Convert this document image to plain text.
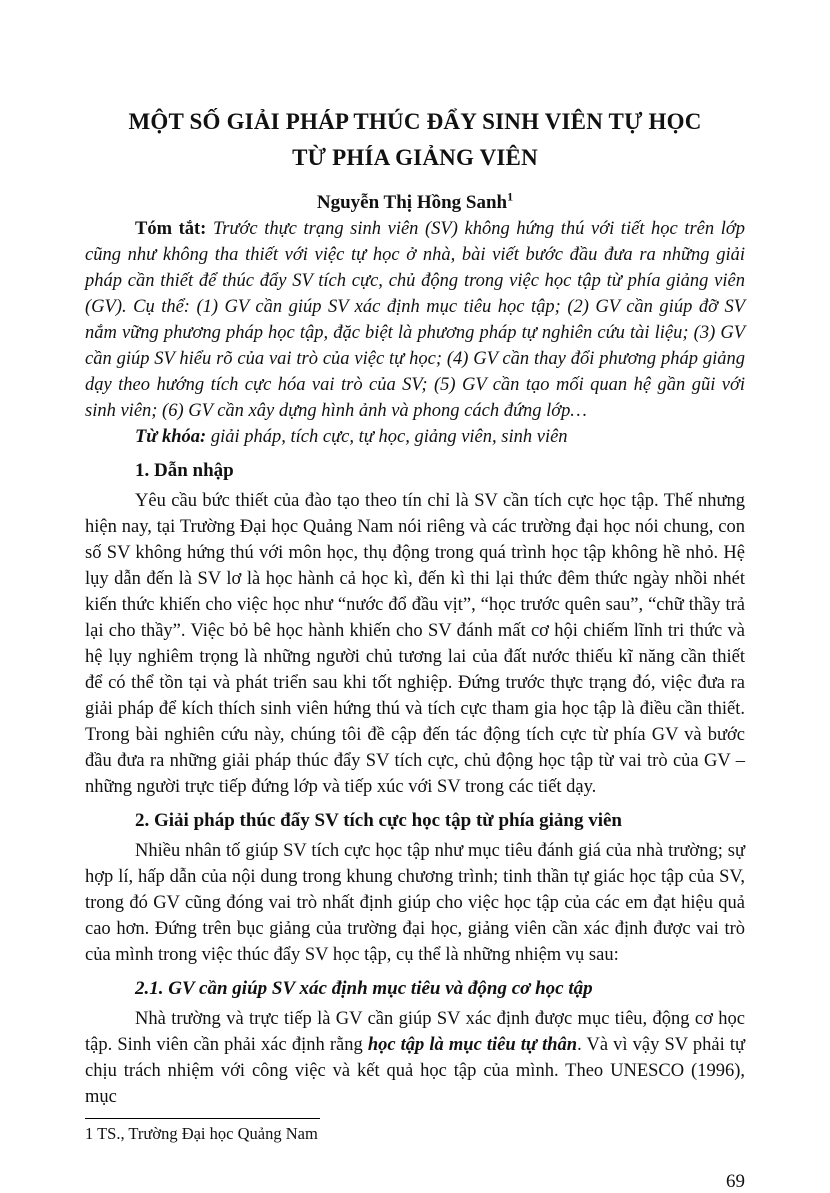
MỘT SỐ GIẢI PHÁP THÚC ĐẨY SINH VIÊN TỰ HỌC
TỪ PHÍA GIẢNG VIÊN
Nguyễn Thị Hồng Sanh$^1$

Tóm tắt: Trước thực trạng sinh viên (SV) không hứng thú với tiết học trên lớp cũng như không tha thiết với việc tự học ở nhà, bài viết bước đầu đưa ra những giải pháp cần thiết để thúc đẩy SV tích cực, chủ động trong việc học tập từ phía giảng viên (GV). Cụ thể: (1) GV cần giúp SV xác định mục tiêu học tập; (2) GV cần giúp đỡ SV nắm vững phương pháp học tập, đặc biệt là phương pháp tự nghiên cứu tài liệu; (3) GV cần giúp SV hiểu rõ của vai trò của việc tự học; (4) GV cần thay đổi phương pháp giảng dạy theo hướng tích cực hóa vai trò của SV; (5) GV cần tạo mối quan hệ gần gũi với sinh viên; (6) GV cần xây dựng hình ảnh và phong cách đứng lớp…

Từ khóa: giải pháp, tích cực, tự học, giảng viên, sinh viên

1. Dẫn nhập

Yêu cầu bức thiết của đào tạo theo tín chỉ là SV cần tích cực học tập. Thế nhưng hiện nay, tại Trường Đại học Quảng Nam nói riêng và các trường đại học nói chung, con số SV không hứng thú với môn học, thụ động trong quá trình học tập không hề nhỏ. Hệ lụy dẫn đến là SV lơ là học hành cả học kì, đến kì thi lại thức đêm thức ngày nhồi nhét kiến thức khiến cho việc học như “nước đổ đầu vịt”, “học trước quên sau”, “chữ thầy trả lại cho thầy”. Việc bỏ bê học hành khiến cho SV đánh mất cơ hội chiếm lĩnh tri thức và hệ lụy nghiêm trọng là những người chủ tương lai của đất nước thiếu kĩ năng cần thiết để có thể tồn tại và phát triển sau khi tốt nghiệp. Đứng trước thực trạng đó, việc đưa ra giải pháp để kích thích sinh viên hứng thú và tích cực tham gia học tập là điều cần thiết. Trong bài nghiên cứu này, chúng tôi đề cập đến tác động tích cực từ phía GV và bước đầu đưa ra những giải pháp thúc đẩy SV tích cực, chủ động học tập từ vai trò của GV – những người trực tiếp đứng lớp và tiếp xúc với SV trong các tiết dạy.

2. Giải pháp thúc đẩy SV tích cực học tập từ phía giảng viên

Nhiều nhân tố giúp SV tích cực học tập như mục tiêu đánh giá của nhà trường; sự hợp lí, hấp dẫn của nội dung trong khung chương trình; tinh thần tự giác học tập của SV, trong đó GV cũng đóng vai trò nhất định giúp cho việc học tập của các em đạt hiệu quả cao hơn. Đứng trên bục giảng của trường đại học, giảng viên cần xác định được vai trò của mình trong việc thúc đẩy SV học tập, cụ thể là những nhiệm vụ sau:

2.1. GV cần giúp SV xác định mục tiêu và động cơ học tập

Nhà trường và trực tiếp là GV cần giúp SV xác định được mục tiêu, động cơ học tập. Sinh viên cần phải xác định rằng học tập là mục tiêu tự thân. Và vì vậy SV phải tự chịu trách nhiệm với công việc và kết quả học tập của mình. Theo UNESCO (1996), mục

1 TS., Trường Đại học Quảng Nam
69
